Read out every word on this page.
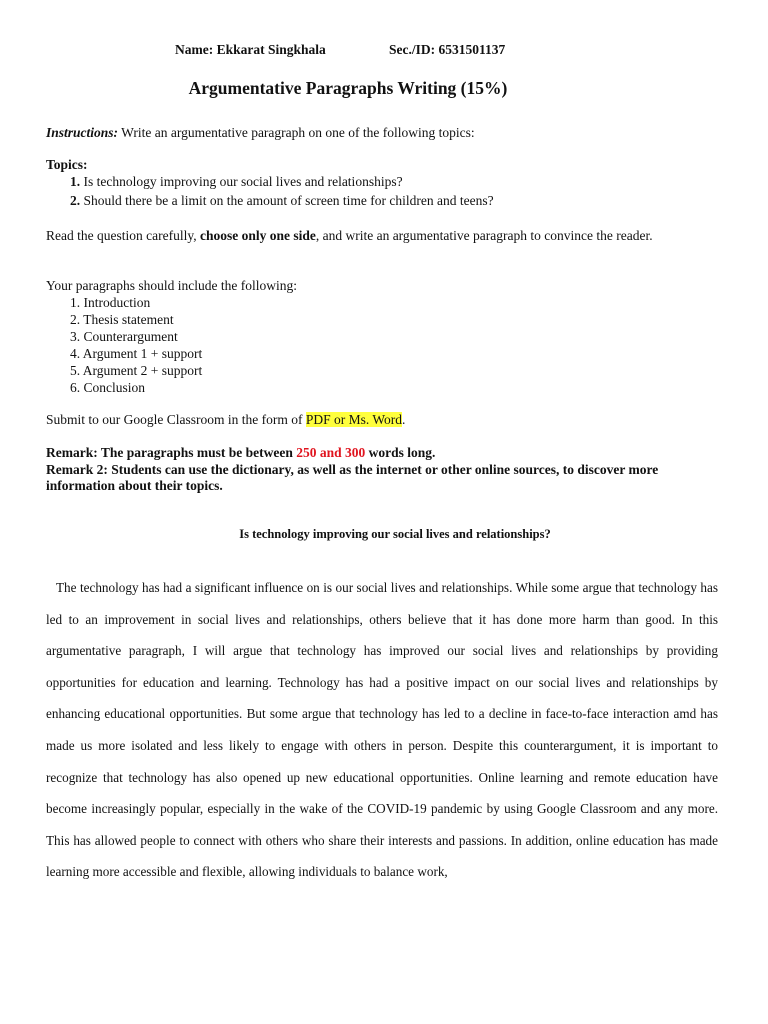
Name: Ekkarat Singkhala	Sec./ID: 6531501137
Argumentative Paragraphs Writing (15%)
Instructions: Write an argumentative paragraph on one of the following topics:
Topics:
1. Is technology improving our social lives and relationships?
2. Should there be a limit on the amount of screen time for children and teens?
Read the question carefully, choose only one side, and write an argumentative paragraph to convince the reader.
Your paragraphs should include the following:
1. Introduction
2. Thesis statement
3. Counterargument
4. Argument 1 + support
5. Argument 2 + support
6. Conclusion
Submit to our Google Classroom in the form of PDF or Ms. Word.
Remark: The paragraphs must be between 250 and 300 words long.
Remark 2: Students can use the dictionary, as well as the internet or other online sources, to discover more information about their topics.
Is technology improving our social lives and relationships?
The technology has had a significant influence on is our social lives and relationships. While some argue that technology has led to an improvement in social lives and relationships, others believe that it has done more harm than good. In this argumentative paragraph, I will argue that technology has improved our social lives and relationships by providing opportunities for education and learning. Technology has had a positive impact on our social lives and relationships by enhancing educational opportunities. But some argue that technology has led to a decline in face-to-face interaction amd has made us more isolated and less likely to engage with others in person. Despite this counterargument, it is important to recognize that technology has also opened up new educational opportunities. Online learning and remote education have become increasingly popular, especially in the wake of the COVID-19 pandemic by using Google Classroom and any more. This has allowed people to connect with others who share their interests and passions. In addition, online education has made learning more accessible and flexible, allowing individuals to balance work,
